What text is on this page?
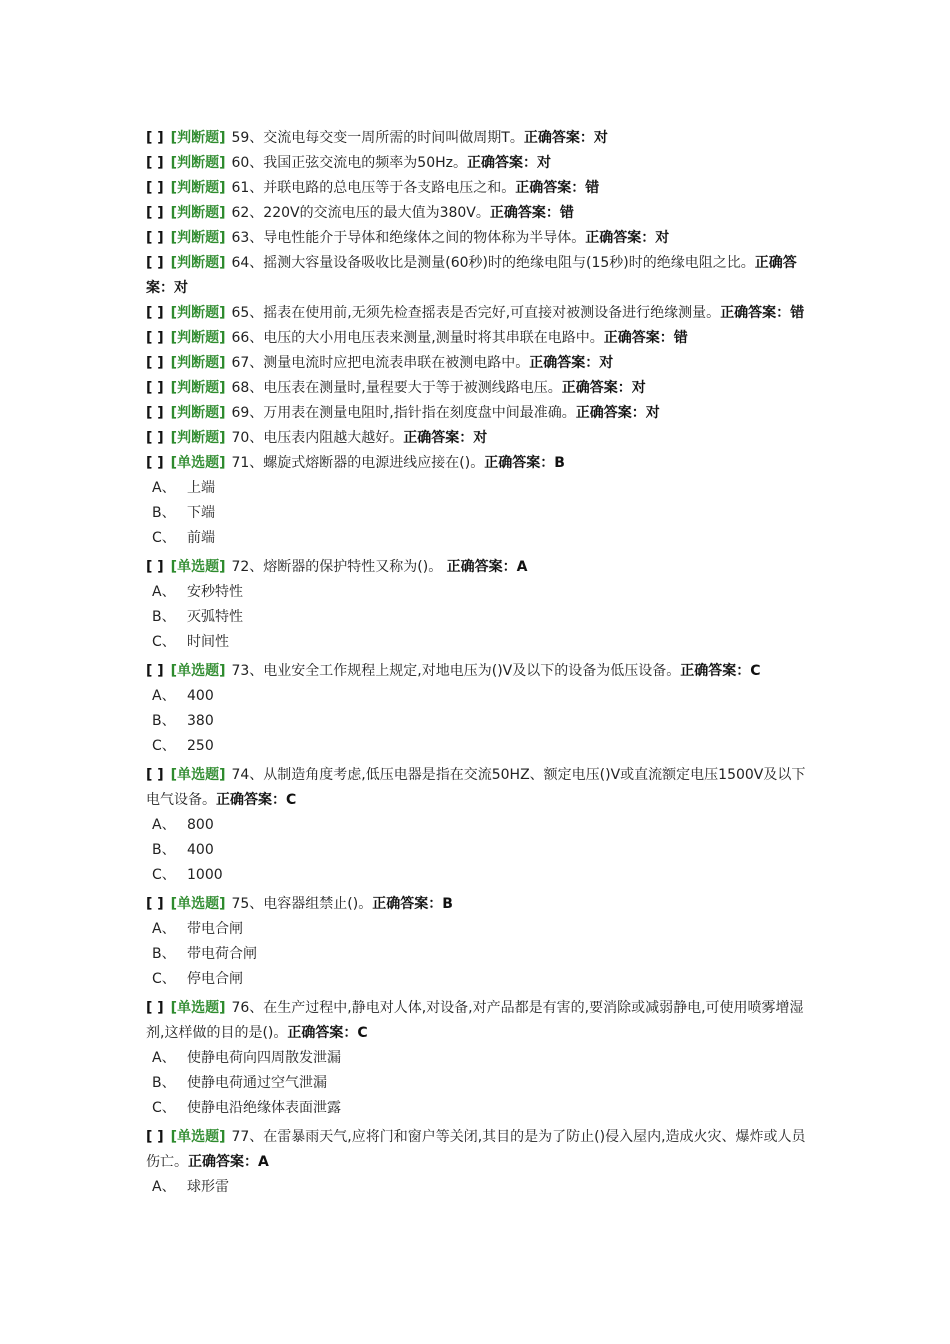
[ ] [判断题] 59、交流电每交变一周所需的时间叫做周期T。正确答案：对

[ ] [判断题] 60、我国正弦交流电的频率为50Hz。正确答案：对

[ ] [判断题] 61、并联电路的总电压等于各支路电压之和。正确答案：错

[ ] [判断题] 62、220V的交流电压的最大值为380V。正确答案：错

[ ] [判断题] 63、导电性能介于导体和绝缘体之间的物体称为半导体。正确答案：对

[ ] [判断题] 64、摇测大容量设备吸收比是测量(60秒)时的绝缘电阻与(15秒)时的绝缘电阻之比。正确答案：对

[ ] [判断题] 65、摇表在使用前,无须先检查摇表是否完好,可直接对被测设备进行绝缘测量。正确答案：错

[ ] [判断题] 66、电压的大小用电压表来测量,测量时将其串联在电路中。正确答案：错

[ ] [判断题] 67、测量电流时应把电流表串联在被测电路中。正确答案：对

[ ] [判断题] 68、电压表在测量时,量程要大于等于被测线路电压。正确答案：对

[ ] [判断题] 69、万用表在测量电阻时,指针指在刻度盘中间最准确。正确答案：对

[ ] [判断题] 70、电压表内阻越大越好。正确答案：对

[ ] [单选题] 71、螺旋式熔断器的电源进线应接在()。正确答案：B

A、 上端
B、 下端
C、 前端

[ ] [单选题] 72、熔断器的保护特性又称为()。 正确答案：A

A、 安秒特性
B、 灭弧特性
C、 时间性

[ ] [单选题] 73、电业安全工作规程上规定,对地电压为()V及以下的设备为低压设备。正确答案：C

A、 400
B、 380
C、 250

[ ] [单选题] 74、从制造角度考虑,低压电器是指在交流50HZ、额定电压()V或直流额定电压1500V及以下电气设备。正确答案：C

A、 800
B、 400
C、 1000

[ ] [单选题] 75、电容器组禁止()。正确答案：B

A、 带电合闸
B、 带电荷合闸
C、 停电合闸

[ ] [单选题] 76、在生产过程中,静电对人体,对设备,对产品都是有害的,要消除或减弱静电,可使用喷雾增湿剂,这样做的目的是()。正确答案：C

A、 使静电荷向四周散发泄漏
B、 使静电荷通过空气泄漏
C、 使静电沿绝缘体表面泄露

[ ] [单选题] 77、在雷暴雨天气,应将门和窗户等关闭,其目的是为了防止()侵入屋内,造成火灾、爆炸或人员伤亡。正确答案：A

A、 球形雷
